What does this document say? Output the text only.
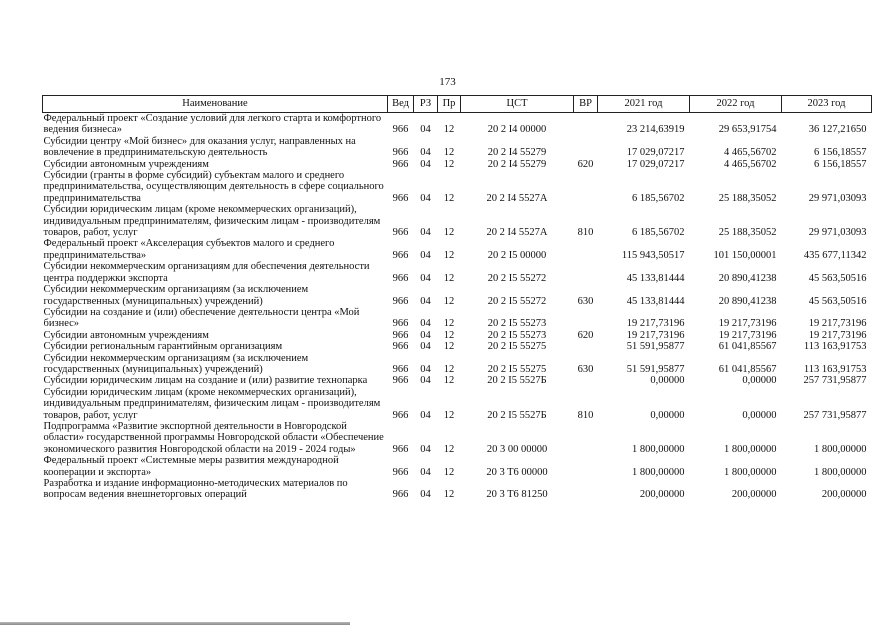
173
Наименование	Вед	РЗ	Пр	ЦСТ	ВР	2021 год	2022 год	2023 год
Федеральный проект «Создание условий для легкого старта и комфортного ведения бизнеса»	966	04	12	20 2 I4 00000		23 214,63919	29 653,91754	36 127,21650
Субсидии центру «Мой бизнес» для оказания услуг, направленных на вовлечение в предпринимательскую деятельность	966	04	12	20 2 I4 55279		17 029,07217	4 465,56702	6 156,18557
Субсидии автономным учреждениям	966	04	12	20 2 I4 55279	620	17 029,07217	4 465,56702	6 156,18557
Субсидии (гранты в форме субсидий) субъектам малого и среднего предпринимательства, осуществляющим деятельность в сфере социального предпринимательства	966	04	12	20 2 I4 5527А		6 185,56702	25 188,35052	29 971,03093
Субсидии юридическим лицам (кроме некоммерческих организаций), индивидуальным предпринимателям, физическим лицам - производителям товаров, работ, услуг	966	04	12	20 2 I4 5527А	810	6 185,56702	25 188,35052	29 971,03093
Федеральный проект «Акселерация субъектов малого и среднего предпринимательства»	966	04	12	20 2 I5 00000		115 943,50517	101 150,00001	435 677,11342
Субсидии некоммерческим организациям для обеспечения деятельности центра поддержки экспорта	966	04	12	20 2 I5 55272		45 133,81444	20 890,41238	45 563,50516
Субсидии некоммерческим организациям (за исключением государственных (муниципальных) учреждений)	966	04	12	20 2 I5 55272	630	45 133,81444	20 890,41238	45 563,50516
Субсидии на создание и (или) обеспечение деятельности центра «Мой бизнес»	966	04	12	20 2 I5 55273		19 217,73196	19 217,73196	19 217,73196
Субсидии автономным учреждениям	966	04	12	20 2 I5 55273	620	19 217,73196	19 217,73196	19 217,73196
Субсидии региональным гарантийным организациям	966	04	12	20 2 I5 55275		51 591,95877	61 041,85567	113 163,91753
Субсидии некоммерческим организациям (за исключением государственных (муниципальных) учреждений)	966	04	12	20 2 I5 55275	630	51 591,95877	61 041,85567	113 163,91753
Субсидии юридическим лицам на создание и (или) развитие технопарка	966	04	12	20 2 I5 5527Б		0,00000	0,00000	257 731,95877
Субсидии юридическим лицам (кроме некоммерческих организаций), индивидуальным предпринимателям, физическим лицам - производителям товаров, работ, услуг	966	04	12	20 2 I5 5527Б	810	0,00000	0,00000	257 731,95877
Подпрограмма «Развитие экспортной деятельности в Новгородской области» государственной программы Новгородской области «Обеспечение экономического развития Новгородской области на 2019 - 2024 годы»	966	04	12	20 3 00 00000		1 800,00000	1 800,00000	1 800,00000
Федеральный проект «Системные меры развития международной кооперации и экспорта»	966	04	12	20 3 T6 00000		1 800,00000	1 800,00000	1 800,00000
Разработка и издание информационно-методических материалов по вопросам ведения внешнеторговых операций	966	04	12	20 3 T6 81250		200,00000	200,00000	200,00000
